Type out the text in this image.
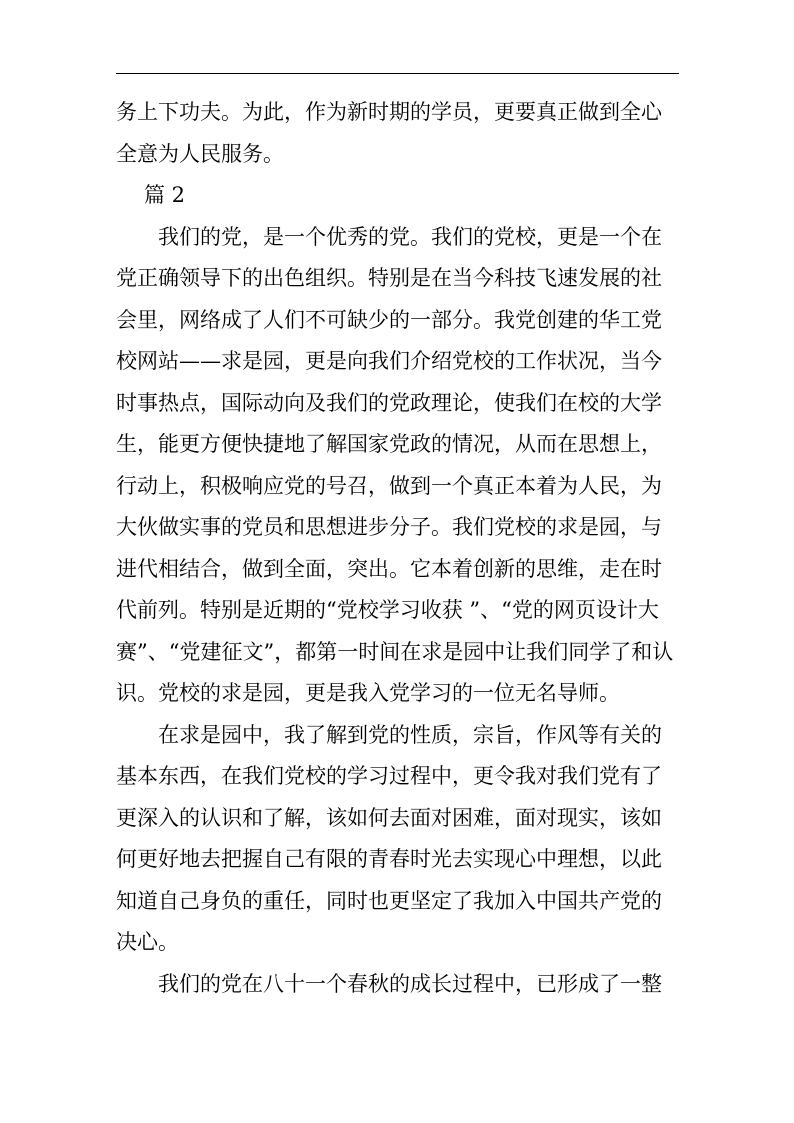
务上下功夫。为此，作为新时期的学员，更要真正做到全心
全意为人民服务。
篇 2
我们的党，是一个优秀的党。我们的党校，更是一个在
党正确领导下的出色组织。特别是在当今科技飞速发展的社
会里，网络成了人们不可缺少的一部分。我党创建的华工党
校网站——求是园，更是向我们介绍党校的工作状况，当今
时事热点，国际动向及我们的党政理论，使我们在校的大学
生，能更方便快捷地了解国家党政的情况，从而在思想上，
行动上，积极响应党的号召，做到一个真正本着为人民，为
大伙做实事的党员和思想进步分子。我们党校的求是园，与
进代相结合，做到全面，突出。它本着创新的思维，走在时
代前列。特别是近期的“党校学习收获 ”、“党的网页设计大
赛”、“党建征文”，都第一时间在求是园中让我们同学了和认
识。党校的求是园，更是我入党学习的一位无名导师。
在求是园中，我了解到党的性质，宗旨，作风等有关的
基本东西，在我们党校的学习过程中，更令我对我们党有了
更深入的认识和了解，该如何去面对困难，面对现实，该如
何更好地去把握自己有限的青春时光去实现心中理想，以此
知道自己身负的重任，同时也更坚定了我加入中国共产党的
决心。
我们的党在八十一个春秋的成长过程中，已形成了一整
